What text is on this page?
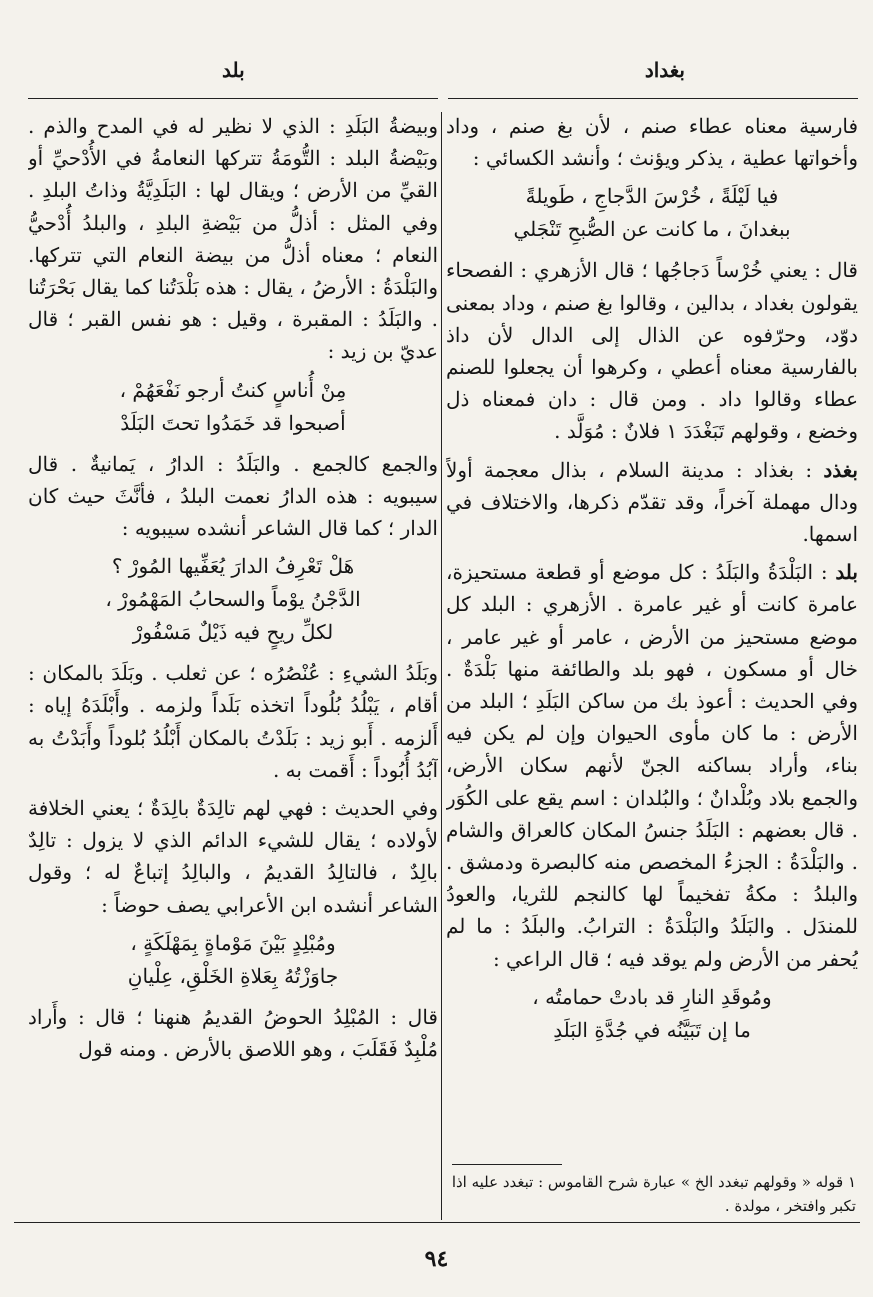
بغداد
بلد

فارسية معناه عطاء صنم ، لأن بغ صنم ، وداد وأخواتها عطية ، يذكر ويؤنث ؛ وأنشد الكسائي :

فيا لَيْلَةً ، خُرْسَ الدَّجاجِ ، طَويلةً
ببغدانَ ، ما كانت عن الصُّبحِ تَنْجَلي

قال : يعني خُرْساً دَجاجُها ؛ قال الأزهري : الفصحاء يقولون بغداد ، بدالين ، وقالوا بغ صنم ، وداد بمعنى دوّد، وحرّفوه عن الذال إلى الدال لأن داذ بالفارسية معناه أعطي ، وكرهوا أن يجعلوا للصنم عطاء وقالوا داد . ومن قال : دان فمعناه ذل وخضع ، وقولهم تَبَغْدَدَ ١ فلانٌ : مُوَلَّد .

بغذد : بغذاد : مدينة السلام ، بذال معجمة أولاً ودال مهملة آخراً، وقد تقدّم ذكرها، والاختلاف في اسمها.

بلد : البَلْدَةُ والبَلَدُ : كل موضع أو قطعة مستحيزة، عامرة كانت أو غير عامرة . الأزهري : البلد كل موضع مستحيز من الأرض ، عامر أو غير عامر ، خال أو مسكون ، فهو بلد والطائفة منها بَلْدَةٌ . وفي الحديث : أعوذ بك من ساكن البَلَدِ ؛ البلد من الأرض : ما كان مأوى الحيوان وإن لم يكن فيه بناء، وأراد بساكنه الجنّ لأنهم سكان الأرض، والجمع بلاد وبُلْدانٌ ؛ والبُلدان : اسم يقع على الكُوَر . قال بعضهم : البَلَدُ جنسُ المكان كالعراق والشام . والبَلْدَةُ : الجزءُ المخصص منه كالبصرة ودمشق . والبلدُ : مكةُ تفخيماً لها كالنجم للثريا، والعودُ للمندَل . والبَلَدُ والبَلْدَةُ : الترابُ. والبلَدُ : ما لم يُحفر من الأرض ولم يوقد فيه ؛ قال الراعي :

ومُوقَدِ النارِ قد بادتْ حمامتُه ،
ما إن تَبَيَّنُه في جُدَّةِ البَلَدِ
١ قوله « وقولهم تبغدد الخ » عبارة شرح القاموس : تبغدد عليه اذا تكبر وافتخر ، مولدة .

وبيضةُ البَلَدِ : الذي لا نظير له في المدح والذم . وبَيْضةُ البلد : التُّومَةُ تتركها النعامةُ في الأُدْحيِّ أو القيِّ من الأرض ؛ ويقال لها : البَلَدِيَّةُ وذاتُ البلدِ . وفي المثل : أذلُّ من بَيْضةِ البلدِ ، والبلدُ أُدْحيُّ النعام ؛ معناه أذلُّ من بيضة النعام التي تتركها. والبَلْدَةُ : الأرضُ ، يقال : هذه بَلْدَتُنا كما يقال بَحْرَتُنا . والبَلَدُ : المقبرة ، وقيل : هو نفس القبر ؛ قال عديّ بن زيد :

مِنْ أُناسٍ كنتُ أرجو نَفْعَهُمْ ،
أصبحوا قد خَمَدُوا تحتَ البَلَدْ

والجمع كالجمع . والبَلَدُ : الدارُ ، يَمانيةٌ . قال سيبويه : هذه الدارُ نعمت البلدُ ، فأنَّثَ حيث كان الدار ؛ كما قال الشاعر أنشده سيبويه :

هَلْ تَعْرِفُ الدارَ يُعَفِّيها المُورْ ؟
الدَّجْنُ يوْماً والسحابُ المَهْمُورْ ،
لكلِّ ريحٍ فيه ذَيْلٌ مَسْفُورْ

وبَلَدُ الشيءِ : عُنْصُرُه ؛ عن ثعلب . وبَلَدَ بالمكان : أقام ، يَبْلُدُ بُلُوداً اتخذه بَلَداً ولزمه . وأَبْلَدَهُ إياه : أَلزمه . أَبو زيد : بَلَدْتُ بالمكان أَبْلُدُ بُلوداً وأَبَدْتُ به آبُدُ أُبُوداً : أَقمت به .

وفي الحديث : فهي لهم تالِدَةٌ بالِدَةٌ ؛ يعني الخلافة لأولاده ؛ يقال للشيء الدائم الذي لا يزول : تالِدٌ بالِدٌ ، فالتالِدُ القديمُ ، والبالِدُ إتباعٌ له ؛ وقول الشاعر أنشده ابن الأعرابي يصف حوضاً :

ومُبْلِدٍ بَيْنَ مَوْماةٍ بِمَهْلَكَةٍ ،
جاوَزْتُهُ بِعَلاةِ الخَلْقِ، عِلْيانِ

قال : المُبْلِدُ الحوضُ القديمُ هنهنا ؛ قال : وأَراد مُلْبِدٌ فَقَلَبَ ، وهو اللاصق بالأرض . ومنه قول

٩٤
